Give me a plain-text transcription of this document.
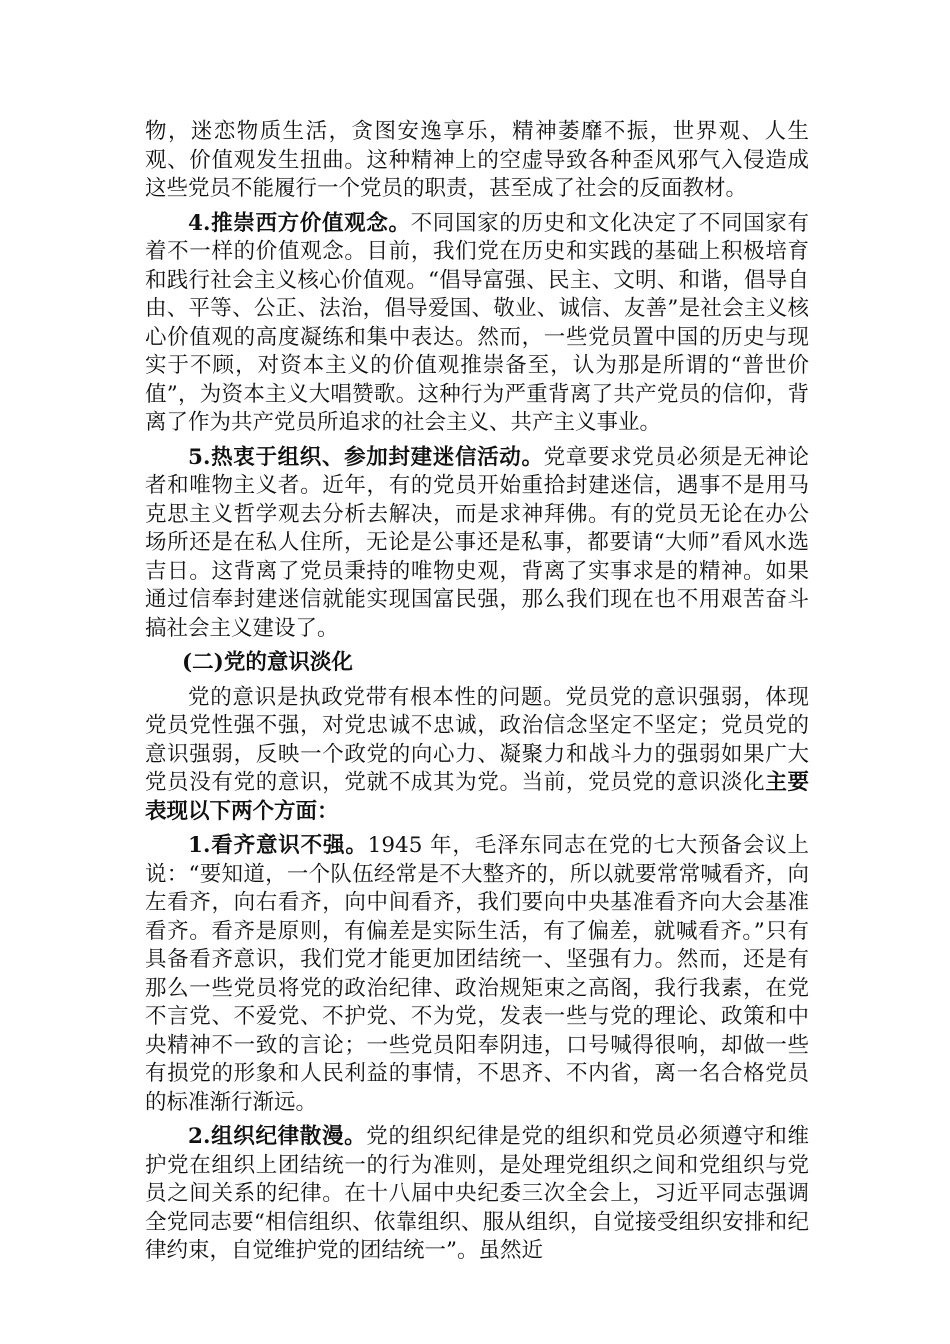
物，迷恋物质生活，贪图安逸享乐，精神萎靡不振，世界观、人生观、价值观发生扭曲。这种精神上的空虚导致各种歪风邪气入侵造成这些党员不能履行一个党员的职责，甚至成了社会的反面教材。

4.推崇西方价值观念。不同国家的历史和文化决定了不同国家有着不一样的价值观念。目前，我们党在历史和实践的基础上积极培育和践行社会主义核心价值观。“倡导富强、民主、文明、和谐，倡导自由、平等、公正、法治，倡导爱国、敬业、诚信、友善”是社会主义核心价值观的高度凝练和集中表达。然而，一些党员置中国的历史与现实于不顾，对资本主义的价值观推崇备至，认为那是所谓的“普世价值”，为资本主义大唱赞歌。这种行为严重背离了共产党员的信仰，背离了作为共产党员所追求的社会主义、共产主义事业。

5.热衷于组织、参加封建迷信活动。党章要求党员必须是无神论者和唯物主义者。近年，有的党员开始重拾封建迷信，遇事不是用马克思主义哲学观去分析去解决，而是求神拜佛。有的党员无论在办公场所还是在私人住所，无论是公事还是私事，都要请“大师”看风水选吉日。这背离了党员秉持的唯物史观，背离了实事求是的精神。如果通过信奉封建迷信就能实现国富民强，那么我们现在也不用艰苦奋斗搞社会主义建设了。

(二)党的意识淡化

党的意识是执政党带有根本性的问题。党员党的意识强弱，体现党员党性强不强，对党忠诚不忠诚，政治信念坚定不坚定；党员党的意识强弱，反映一个政党的向心力、凝聚力和战斗力的强弱如果广大党员没有党的意识，党就不成其为党。当前，党员党的意识淡化主要表现以下两个方面：

1.看齐意识不强。1945 年，毛泽东同志在党的七大预备会议上说：“要知道，一个队伍经常是不大整齐的，所以就要常常喊看齐，向左看齐，向右看齐，向中间看齐，我们要向中央基准看齐向大会基准看齐。看齐是原则，有偏差是实际生活，有了偏差，就喊看齐。”只有具备看齐意识，我们党才能更加团结统一、坚强有力。然而，还是有那么一些党员将党的政治纪律、政治规矩束之高阁，我行我素，在党不言党、不爱党、不护党、不为党，发表一些与党的理论、政策和中央精神不一致的言论；一些党员阳奉阴违，口号喊得很响，却做一些有损党的形象和人民利益的事情，不思齐、不内省，离一名合格党员的标准渐行渐远。

2.组织纪律散漫。党的组织纪律是党的组织和党员必须遵守和维护党在组织上团结统一的行为准则，是处理党组织之间和党组织与党员之间关系的纪律。在十八届中央纪委三次全会上，习近平同志强调全党同志要“相信组织、依靠组织、服从组织，自觉接受组织安排和纪律约束，自觉维护党的团结统一”。虽然近
